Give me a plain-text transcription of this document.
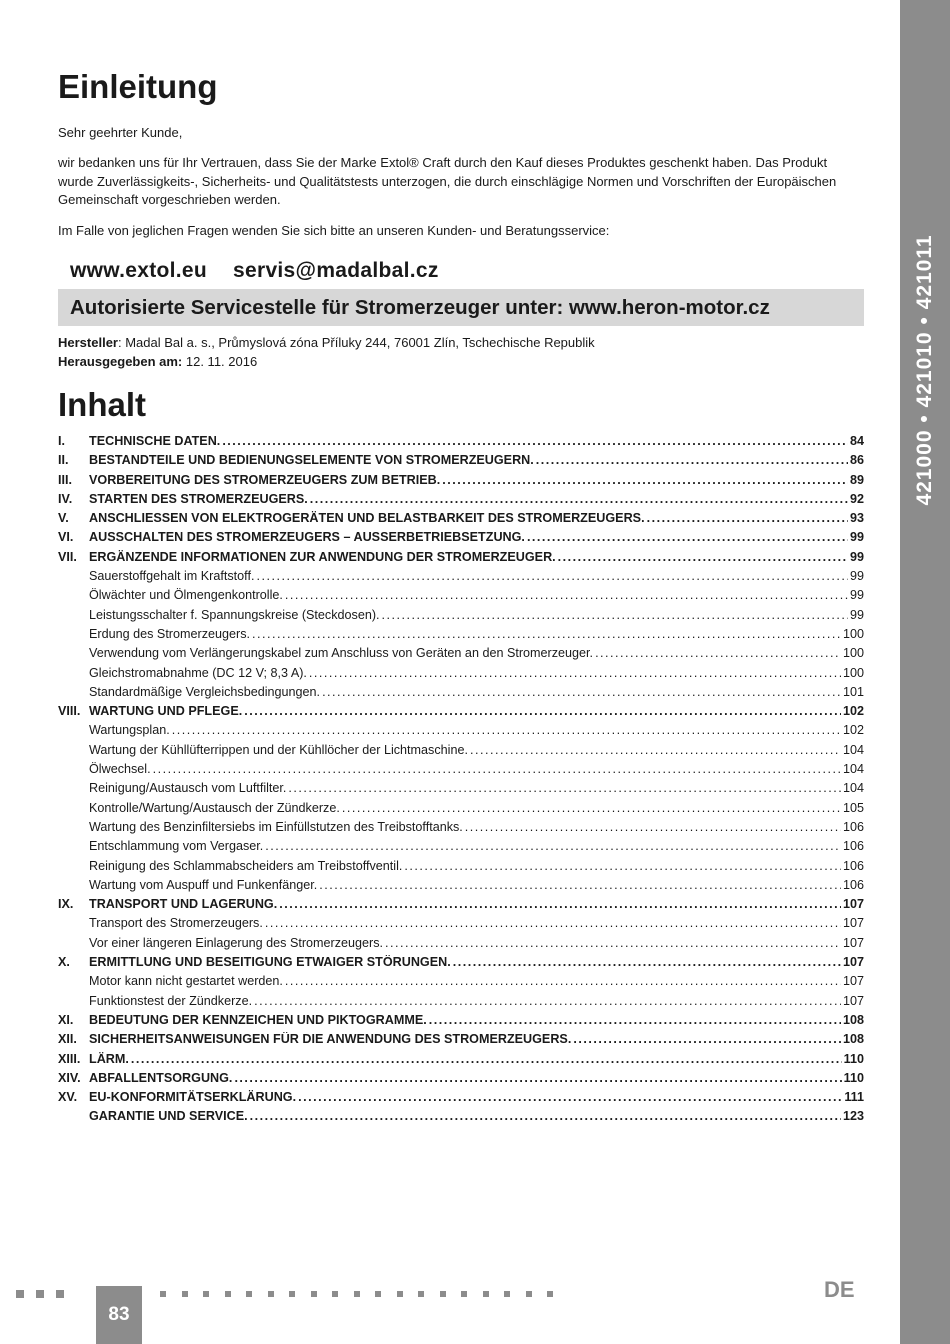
421000 • 421010 • 421011
Einleitung

Sehr geehrter Kunde,

wir bedanken uns für Ihr Vertrauen, dass Sie der Marke Extol® Craft durch den Kauf dieses Produktes geschenkt haben. Das Produkt wurde Zuverlässigkeits-, Sicherheits- und Qualitätstests unterzogen, die durch einschlägige Normen und Vorschriften der Europäischen Gemeinschaft vorgeschrieben werden.

Im Falle von jeglichen Fragen wenden Sie sich bitte an unseren Kunden- und Beratungsservice:

www.extol.eu servis@madalbal.cz
Autorisierte Servicestelle für Stromerzeuger unter: www.heron-motor.cz
Hersteller: Madal Bal a. s., Průmyslová zóna Příluky 244, 76001 Zlín, Tschechische Republik
Herausgegeben am: 12. 11. 2016
Inhalt
I.	TECHNISCHE DATEN. .....	84
II.	BESTANDTEILE UND BEDIENUNGSELEMENTE VON STROMERZEUGERN. .....	86
III.	VORBEREITUNG DES STROMERZEUGERS ZUM BETRIEB. .....	89
IV.	STARTEN DES STROMERZEUGERS. .....	92
V.	ANSCHLIESSEN VON ELEKTROGERÄTEN UND BELASTBARKEIT DES STROMERZEUGERS. .....	93
VI.	AUSSCHALTEN DES STROMERZEUGERS – AUSSERBETRIEBSETZUNG. .....	99
VII. ERGÄNZENDE INFORMATIONEN ZUR ANWENDUNG DER STROMERZEUGER. .....	99
Sauerstoffgehalt im Kraftstoff. .....	99
Ölwächter und Ölmengenkontrolle. .....	99
Leistungsschalter f. Spannungskreise (Steckdosen). .....	99
Erdung des Stromerzeugers. .....	100
Verwendung vom Verlängerungskabel zum Anschluss von Geräten an den Stromerzeuger. .....	100
Gleichstromabnahme (DC 12 V; 8,3 A). .....	100
Standardmäßige Vergleichsbedingungen. .....	101
VIII. WARTUNG UND PFLEGE. .....	102
Wartungsplan. .....	102
Wartung der Kühllüfterrippen und der Kühllöcher der Lichtmaschine. .....	104
Ölwechsel. .....	104
Reinigung/Austausch vom Luftfilter. .....	104
Kontrolle/Wartung/Austausch der Zündkerze. .....	105
Wartung des Benzinfiltersiebs im Einfüllstutzen des Treibstofftanks. .....	106
Entschlammung vom Vergaser. .....	106
Reinigung des Schlammabscheiders am Treibstoffventil. .....	106
Wartung vom Auspuff und Funkenfänger. .....	106
IX.	TRANSPORT UND LAGERUNG. .....	107
Transport des Stromerzeugers. .....	107
Vor einer längeren Einlagerung des Stromerzeugers. .....	107
X.	ERMITTLUNG UND BESEITIGUNG ETWAIGER STÖRUNGEN. .....	107
Motor kann nicht gestartet werden. .....	107
Funktionstest der Zündkerze. .....	107
XI.	BEDEUTUNG DER KENNZEICHEN UND PIKTOGRAMME. .....	108
XII. SICHERHEITSANWEISUNGEN FÜR DIE ANWENDUNG DES STROMERZEUGERS. .....	108
XIII. LÄRM. .....	110
XIV. ABFALLENTSORGUNG. .....	110
XV. EU-KONFORMITÄTSERKLÄRUNG. .....	111
GARANTIE UND SERVICE. .....	123
83
DE
